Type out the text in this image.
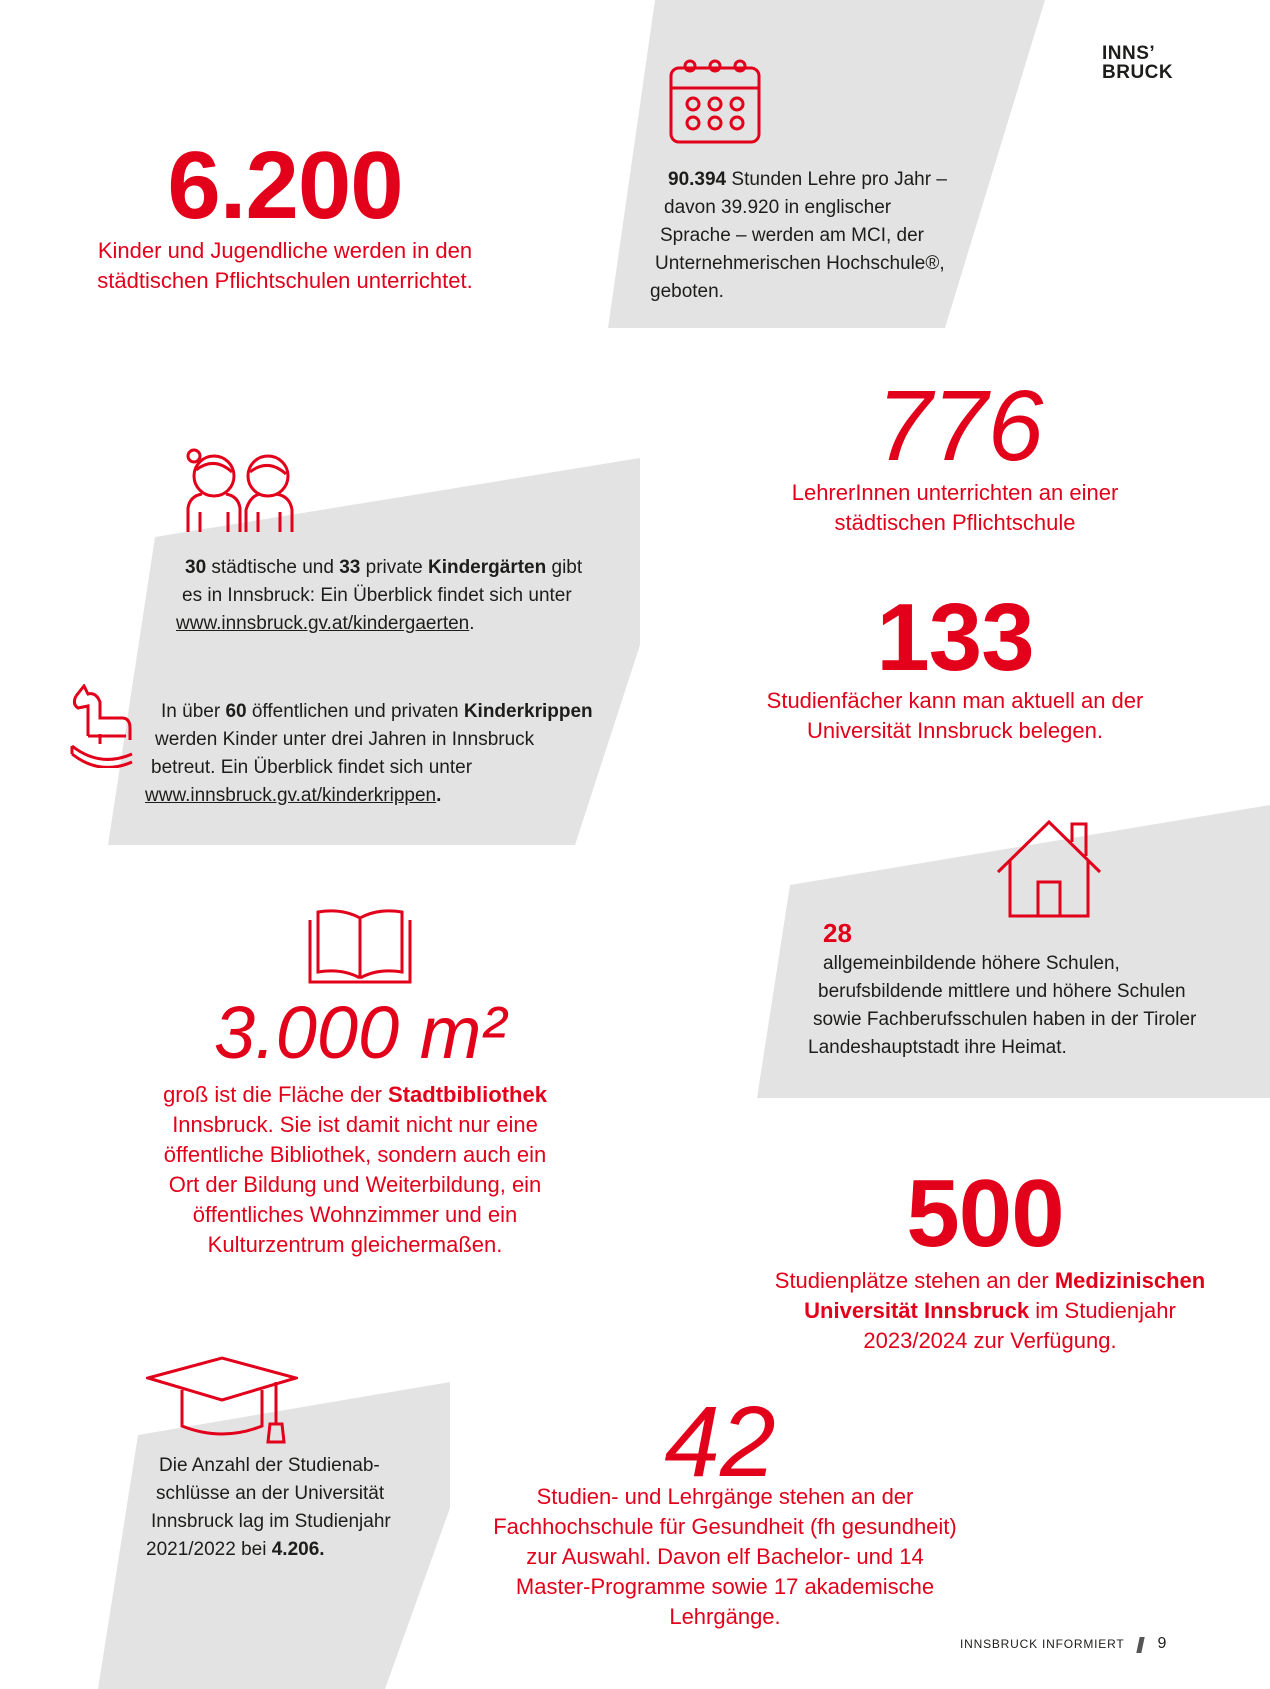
INNS’
BRUCK
6.200
Kinder und Jugendliche werden in den städtischen Pflichtschulen unterrichtet.
90.394 Stunden Lehre pro Jahr –
davon 39.920 in englischer
Sprache – werden am MCI, der
Unternehmerischen Hochschule®,
geboten.
776
LehrerInnen unterrichten an einer städtischen Pflichtschule
30 städtische und 33 private Kindergärten gibt
es in Innsbruck: Ein Überblick findet sich unter
www.innsbruck.gv.at/kindergaerten.
In über 60 öffentlichen und privaten Kinderkrippen
werden Kinder unter drei Jahren in Innsbruck
betreut. Ein Überblick findet sich unter
www.innsbruck.gv.at/kinderkrippen.
133
Studienfächer kann man aktuell an der Universität Innsbruck belegen.
28
allgemeinbildende höhere Schulen,
berufsbildende mittlere und höhere Schulen
sowie Fachberufsschulen haben in der Tiroler
Landeshauptstadt ihre Heimat.
3.000 m²
groß ist die Fläche der Stadtbibliothek
Innsbruck. Sie ist damit nicht nur eine öffentliche Bibliothek, sondern auch ein Ort der Bildung und Weiterbildung, ein öffentliches Wohnzimmer und ein Kulturzentrum gleichermaßen.	500
Studienplätze stehen an der Medizinischen Universität Innsbruck im Studienjahr 2023/2024 zur Verfügung.
Die Anzahl der Studienab-
schlüsse an der Universität
Innsbruck lag im Studienjahr
2021/2022 bei 4.206.
42
Studien- und Lehrgänge stehen an der Fachhochschule für Gesundheit (fh gesundheit) zur Auswahl. Davon elf Bachelor- und 14 Master-Programme sowie 17 akademische Lehrgänge.
INNSBRUCK INFORMIERT 9
